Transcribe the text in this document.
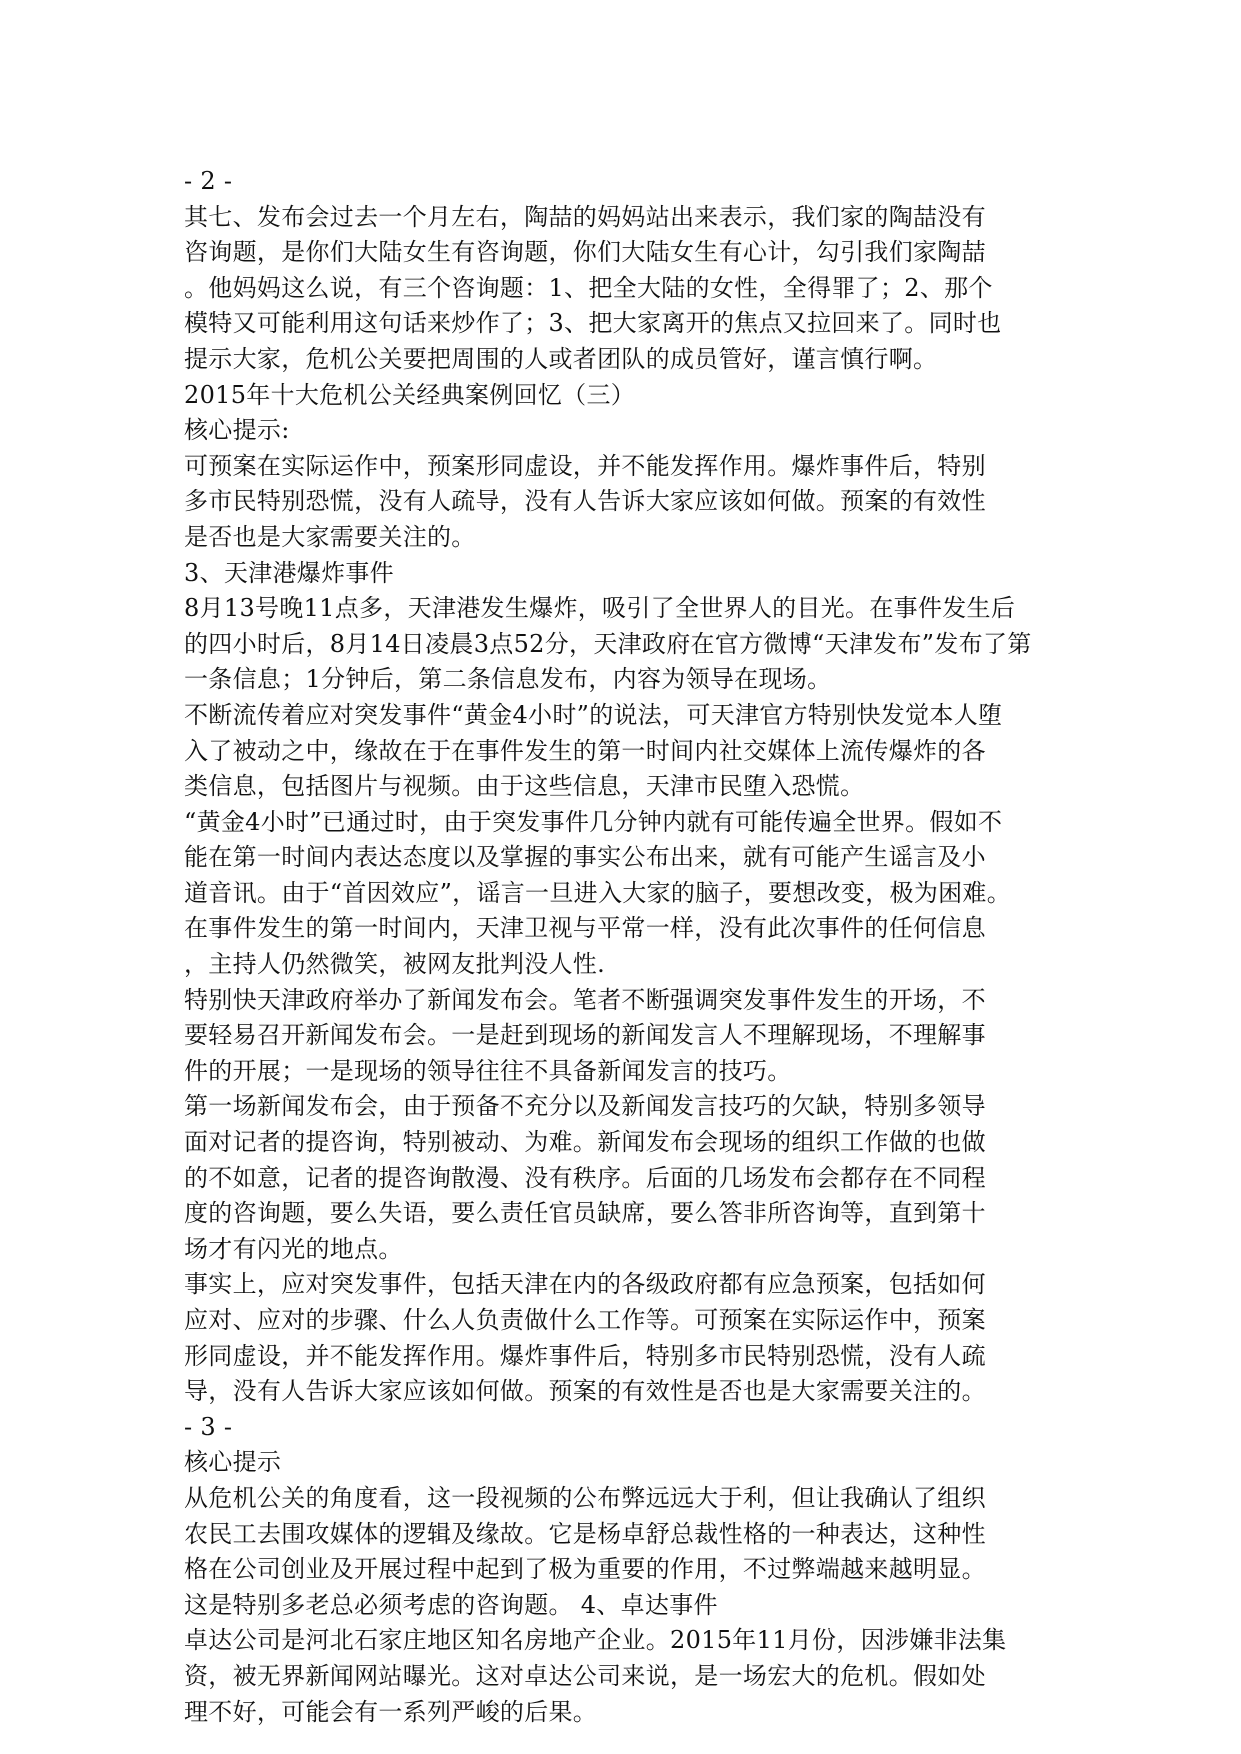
- 2 -
其七、发布会过去一个月左右，陶喆的妈妈站出来表示，我们家的陶喆没有
咨询题，是你们大陆女生有咨询题，你们大陆女生有心计，勾引我们家陶喆
。他妈妈这么说，有三个咨询题：1、把全大陆的女性，全得罪了；2、那个
模特又可能利用这句话来炒作了；3、把大家离开的焦点又拉回来了。同时也
提示大家，危机公关要把周围的人或者团队的成员管好，谨言慎行啊。
2015年十大危机公关经典案例回忆（三）
核心提示:
可预案在实际运作中，预案形同虚设，并不能发挥作用。爆炸事件后，特别
多市民特别恐慌，没有人疏导，没有人告诉大家应该如何做。预案的有效性
是否也是大家需要关注的。
3、天津港爆炸事件
8月13号晚11点多，天津港发生爆炸，吸引了全世界人的目光。在事件发生后
的四小时后，8月14日凌晨3点52分，天津政府在官方微博“天津发布”发布了第
一条信息；1分钟后，第二条信息发布，内容为领导在现场。
不断流传着应对突发事件“黄金4小时”的说法，可天津官方特别快发觉本人堕
入了被动之中，缘故在于在事件发生的第一时间内社交媒体上流传爆炸的各
类信息，包括图片与视频。由于这些信息，天津市民堕入恐慌。
“黄金4小时”已通过时，由于突发事件几分钟内就有可能传遍全世界。假如不
能在第一时间内表达态度以及掌握的事实公布出来，就有可能产生谣言及小
道音讯。由于“首因效应”，谣言一旦进入大家的脑子，要想改变，极为困难。
在事件发生的第一时间内，天津卫视与平常一样，没有此次事件的任何信息
，主持人仍然微笑，被网友批判没人性.
特别快天津政府举办了新闻发布会。笔者不断强调突发事件发生的开场，不
要轻易召开新闻发布会。一是赶到现场的新闻发言人不理解现场，不理解事
件的开展；一是现场的领导往往不具备新闻发言的技巧。
第一场新闻发布会，由于预备不充分以及新闻发言技巧的欠缺，特别多领导
面对记者的提咨询，特别被动、为难。新闻发布会现场的组织工作做的也做
的不如意，记者的提咨询散漫、没有秩序。后面的几场发布会都存在不同程
度的咨询题，要么失语，要么责任官员缺席，要么答非所咨询等，直到第十
场才有闪光的地点。
事实上，应对突发事件，包括天津在内的各级政府都有应急预案，包括如何
应对、应对的步骤、什么人负责做什么工作等。可预案在实际运作中，预案
形同虚设，并不能发挥作用。爆炸事件后，特别多市民特别恐慌，没有人疏
导，没有人告诉大家应该如何做。预案的有效性是否也是大家需要关注的。
- 3 -
核心提示
从危机公关的角度看，这一段视频的公布弊远远大于利，但让我确认了组织
农民工去围攻媒体的逻辑及缘故。它是杨卓舒总裁性格的一种表达，这种性
格在公司创业及开展过程中起到了极为重要的作用，不过弊端越来越明显。
这是特别多老总必须考虑的咨询题。 4、卓达事件
卓达公司是河北石家庄地区知名房地产企业。2015年11月份，因涉嫌非法集
资，被无界新闻网站曝光。这对卓达公司来说，是一场宏大的危机。假如处
理不好，可能会有一系列严峻的后果。
